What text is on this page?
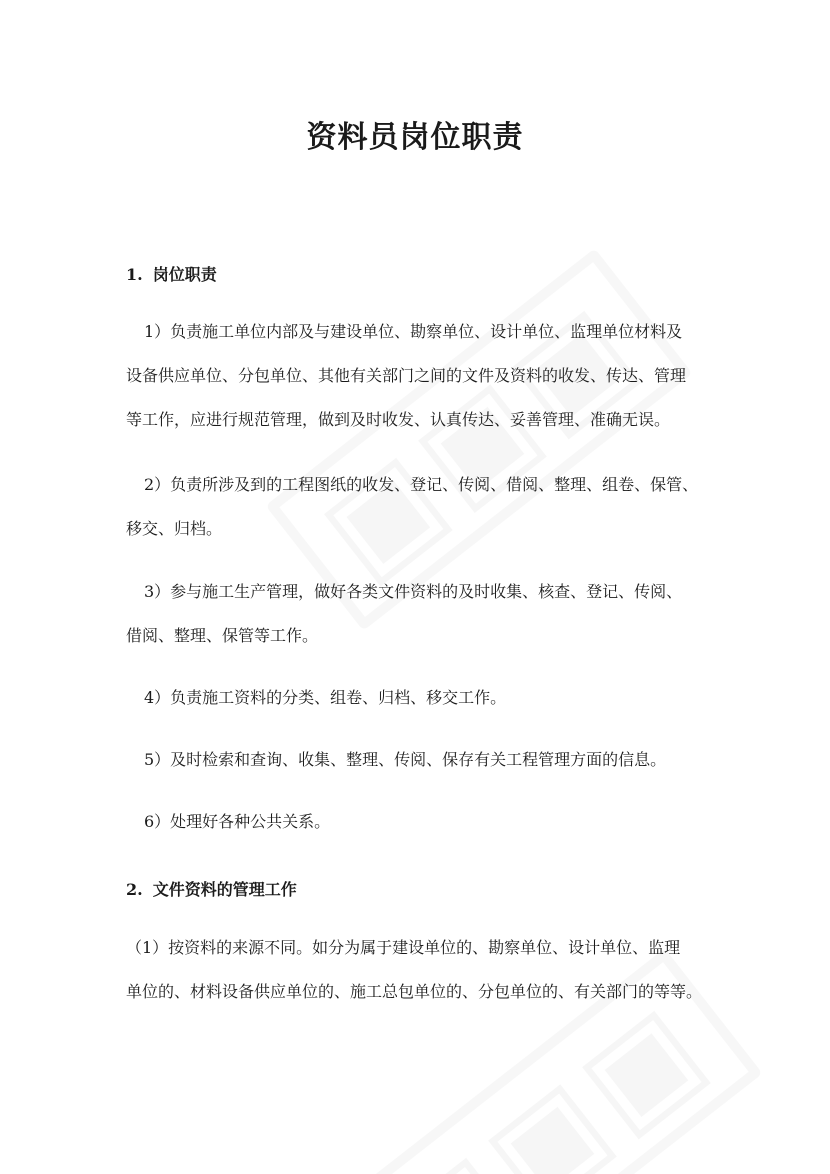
资料员岗位职责
1. 岗位职责
1）负责施工单位内部及与建设单位、勘察单位、设计单位、监理单位材料及
设备供应单位、分包单位、其他有关部门之间的文件及资料的收发、传达、管理
等工作，应进行规范管理，做到及时收发、认真传达、妥善管理、准确无误。
2）负责所涉及到的工程图纸的收发、登记、传阅、借阅、整理、组卷、保管、
移交、归档。
3）参与施工生产管理，做好各类文件资料的及时收集、核查、登记、传阅、
借阅、整理、保管等工作。
4）负责施工资料的分类、组卷、归档、移交工作。
5）及时检索和查询、收集、整理、传阅、保存有关工程管理方面的信息。
6）处理好各种公共关系。
2. 文件资料的管理工作
（1）按资料的来源不同。如分为属于建设单位的、勘察单位、设计单位、监理
单位的、材料设备供应单位的、施工总包单位的、分包单位的、有关部门的等等。
